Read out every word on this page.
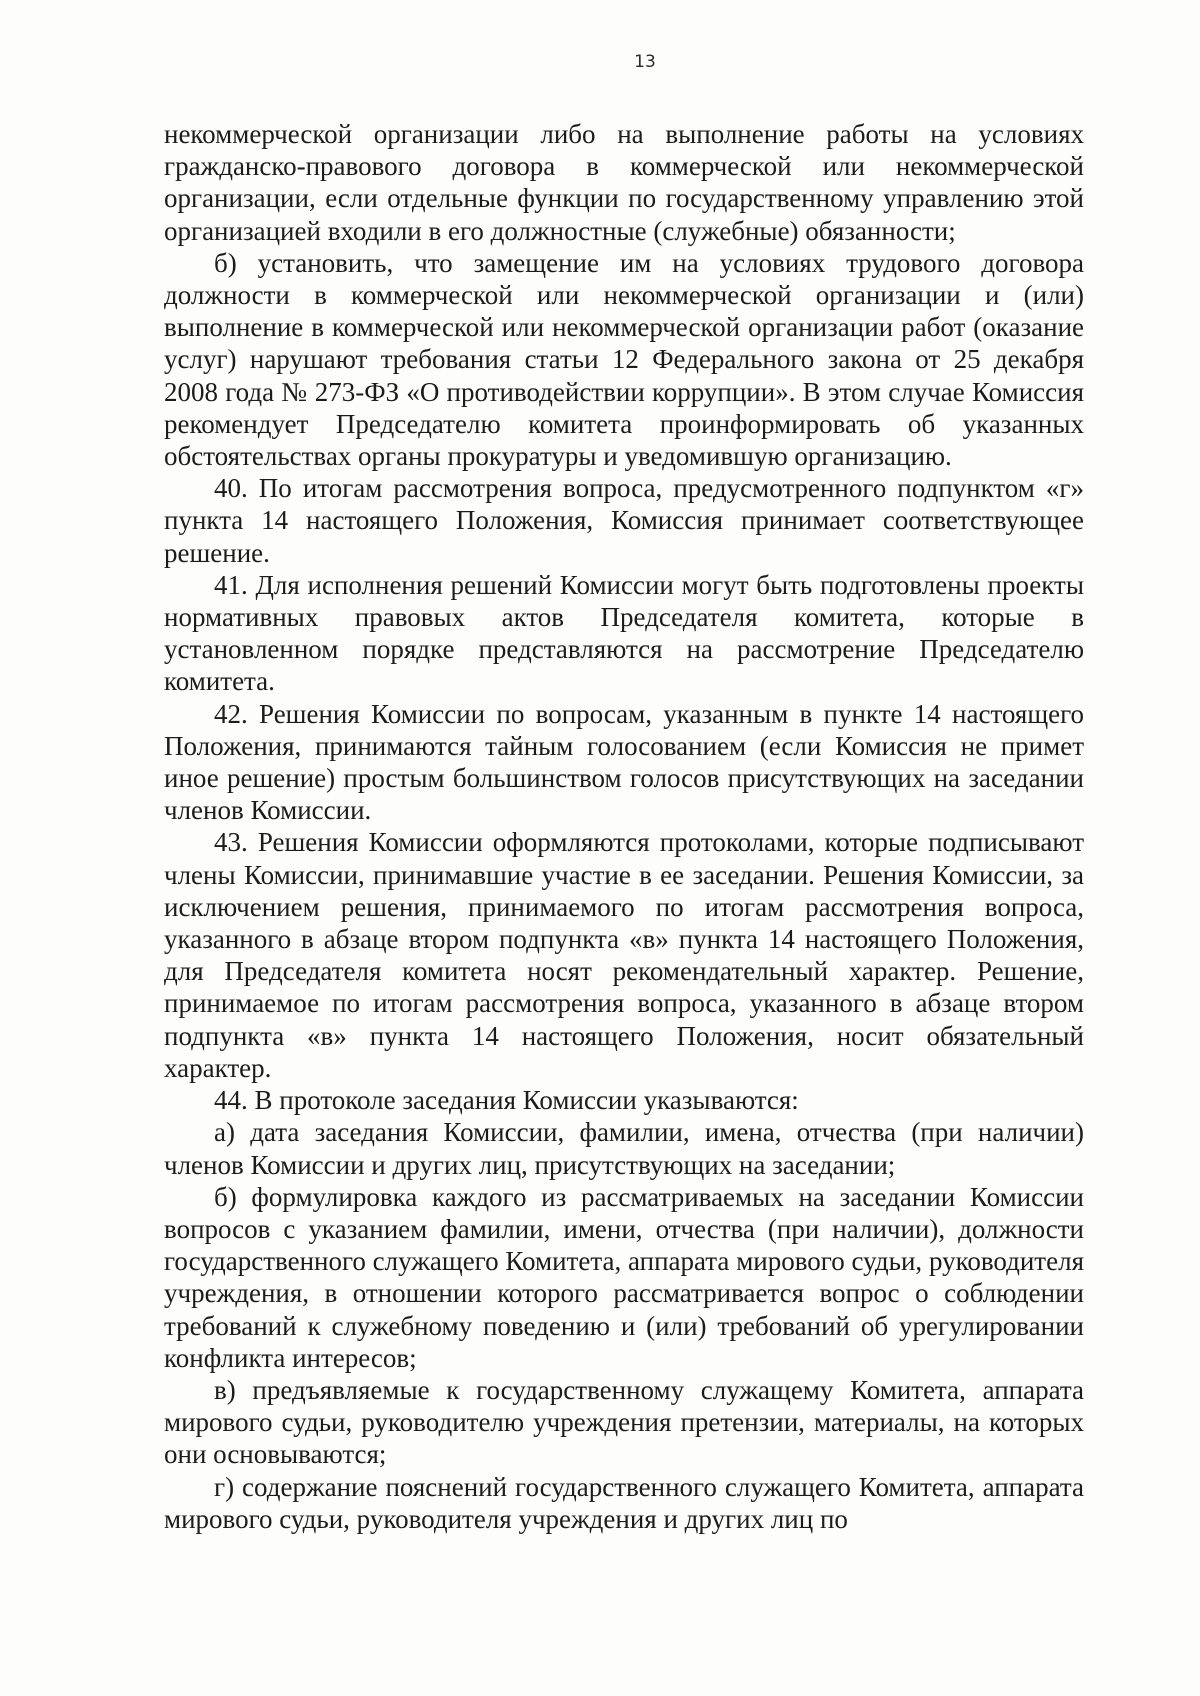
13

некоммерческой организации либо на выполнение работы на условиях гражданско-правового договора в коммерческой или некоммерческой организации, если отдельные функции по государственному управлению этой организацией входили в его должностные (служебные) обязанности;

б) установить, что замещение им на условиях трудового договора должности в коммерческой или некоммерческой организации и (или) выполнение в коммерческой или некоммерческой организации работ (оказание услуг) нарушают требования статьи 12 Федерального закона от 25 декабря 2008 года № 273-ФЗ «О противодействии коррупции». В этом случае Комиссия рекомендует Председателю комитета проинформировать об указанных обстоятельствах органы прокуратуры и уведомившую организацию.

40. По итогам рассмотрения вопроса, предусмотренного подпунктом «г» пункта 14 настоящего Положения, Комиссия принимает соответствующее решение.

41. Для исполнения решений Комиссии могут быть подготовлены проекты нормативных правовых актов Председателя комитета, которые в установленном порядке представляются на рассмотрение Председателю комитета.

42. Решения Комиссии по вопросам, указанным в пункте 14 настоящего Положения, принимаются тайным голосованием (если Комиссия не примет иное решение) простым большинством голосов присутствующих на заседании членов Комиссии.

43. Решения Комиссии оформляются протоколами, которые подписывают члены Комиссии, принимавшие участие в ее заседании. Решения Комиссии, за исключением решения, принимаемого по итогам рассмотрения вопроса, указанного в абзаце втором подпункта «в» пункта 14 настоящего Положения, для Председателя комитета носят рекомендательный характер. Решение, принимаемое по итогам рассмотрения вопроса, указанного в абзаце втором подпункта «в» пункта 14 настоящего Положения, носит обязательный характер.

44. В протоколе заседания Комиссии указываются:

а) дата заседания Комиссии, фамилии, имена, отчества (при наличии) членов Комиссии и других лиц, присутствующих на заседании;

б) формулировка каждого из рассматриваемых на заседании Комиссии вопросов с указанием фамилии, имени, отчества (при наличии), должности государственного служащего Комитета, аппарата мирового судьи, руководителя учреждения, в отношении которого рассматривается вопрос о соблюдении требований к служебному поведению и (или) требований об урегулировании конфликта интересов;

в) предъявляемые к государственному служащему Комитета, аппарата мирового судьи, руководителю учреждения претензии, материалы, на которых они основываются;

г) содержание пояснений государственного служащего Комитета, аппарата мирового судьи, руководителя учреждения и других лиц по
